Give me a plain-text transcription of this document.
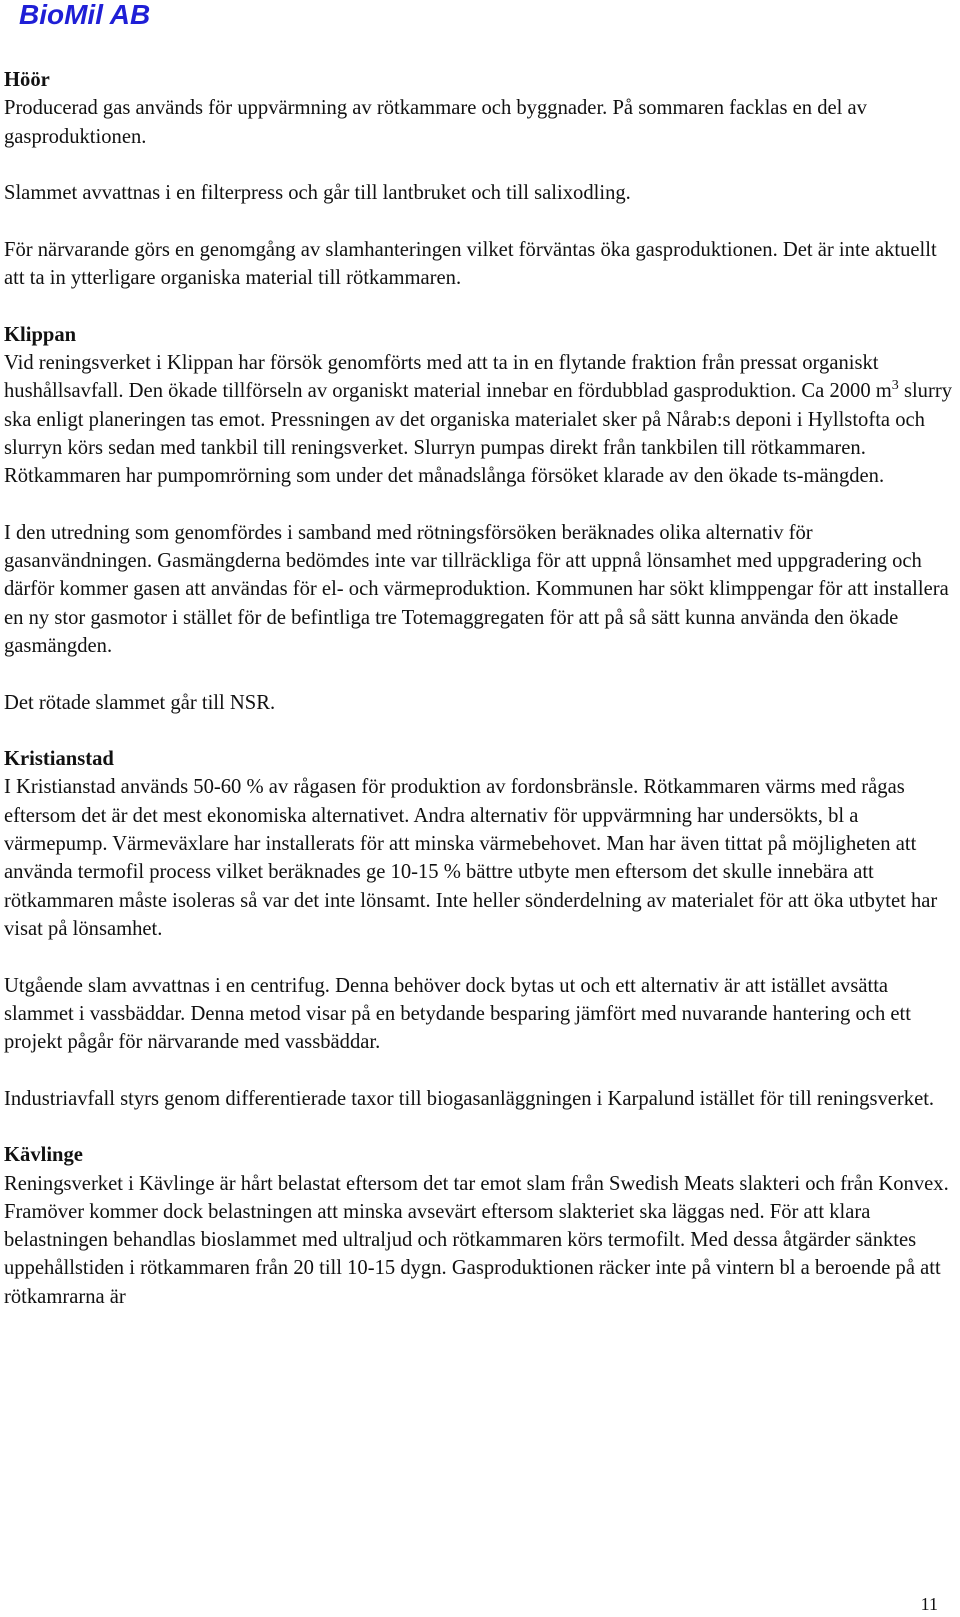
BioMil AB
Höör

Producerad gas används för uppvärmning av rötkammare och byggnader. På sommaren facklas en del av gasproduktionen.

Slammet avvattnas i en filterpress och går till lantbruket och till salixodling.

För närvarande görs en genomgång av slamhanteringen vilket förväntas öka gasproduktionen. Det är inte aktuellt att ta in ytterligare organiska material till rötkammaren.

Klippan

Vid reningsverket i Klippan har försök genomförts med att ta in en flytande fraktion från pressat organiskt hushållsavfall. Den ökade tillförseln av organiskt material innebar en fördubblad gasproduktion. Ca 2000 $m^3$ slurry ska enligt planeringen tas emot. Pressningen av det organiska materialet sker på Nårab:s deponi i Hyllstofta och slurryn körs sedan med tankbil till reningsverket. Slurryn pumpas direkt från tankbilen till rötkammaren. Rötkammaren har pumpomrörning som under det månadslånga försöket klarade av den ökade ts-mängden.

I den utredning som genomfördes i samband med rötningsförsöken beräknades olika alternativ för gasanvändningen. Gasmängderna bedömdes inte var tillräckliga för att uppnå lönsamhet med uppgradering och därför kommer gasen att användas för el- och värmeproduktion. Kommunen har sökt klimppengar för att installera en ny stor gasmotor i stället för de befintliga tre Totemaggregaten för att på så sätt kunna använda den ökade gasmängden.

Det rötade slammet går till NSR.

Kristianstad

I Kristianstad används 50-60 % av rågasen för produktion av fordonsbränsle. Rötkammaren värms med rågas eftersom det är det mest ekonomiska alternativet. Andra alternativ för uppvärmning har undersökts, bl a värmepump. Värmeväxlare har installerats för att minska värmebehovet. Man har även tittat på möjligheten att använda termofil process vilket beräknades ge 10-15 % bättre utbyte men eftersom det skulle innebära att rötkammaren måste isoleras så var det inte lönsamt. Inte heller sönderdelning av materialet för att öka utbytet har visat på lönsamhet.

Utgående slam avvattnas i en centrifug. Denna behöver dock bytas ut och ett alternativ är att istället avsätta slammet i vassbäddar. Denna metod visar på en betydande besparing jämfört med nuvarande hantering och ett projekt pågår för närvarande med vassbäddar.

Industriavfall styrs genom differentierade taxor till biogasanläggningen i Karpalund istället för till reningsverket.

Kävlinge

Reningsverket i Kävlinge är hårt belastat eftersom det tar emot slam från Swedish Meats slakteri och från Konvex. Framöver kommer dock belastningen att minska avsevärt eftersom slakteriet ska läggas ned. För att klara belastningen behandlas bioslammet med ultraljud och rötkammaren körs termofilt. Med dessa åtgärder sänktes uppehållstiden i rötkammaren från 20 till 10-15 dygn. Gasproduktionen räcker inte på vintern bl a beroende på att rötkamrarna är

11
